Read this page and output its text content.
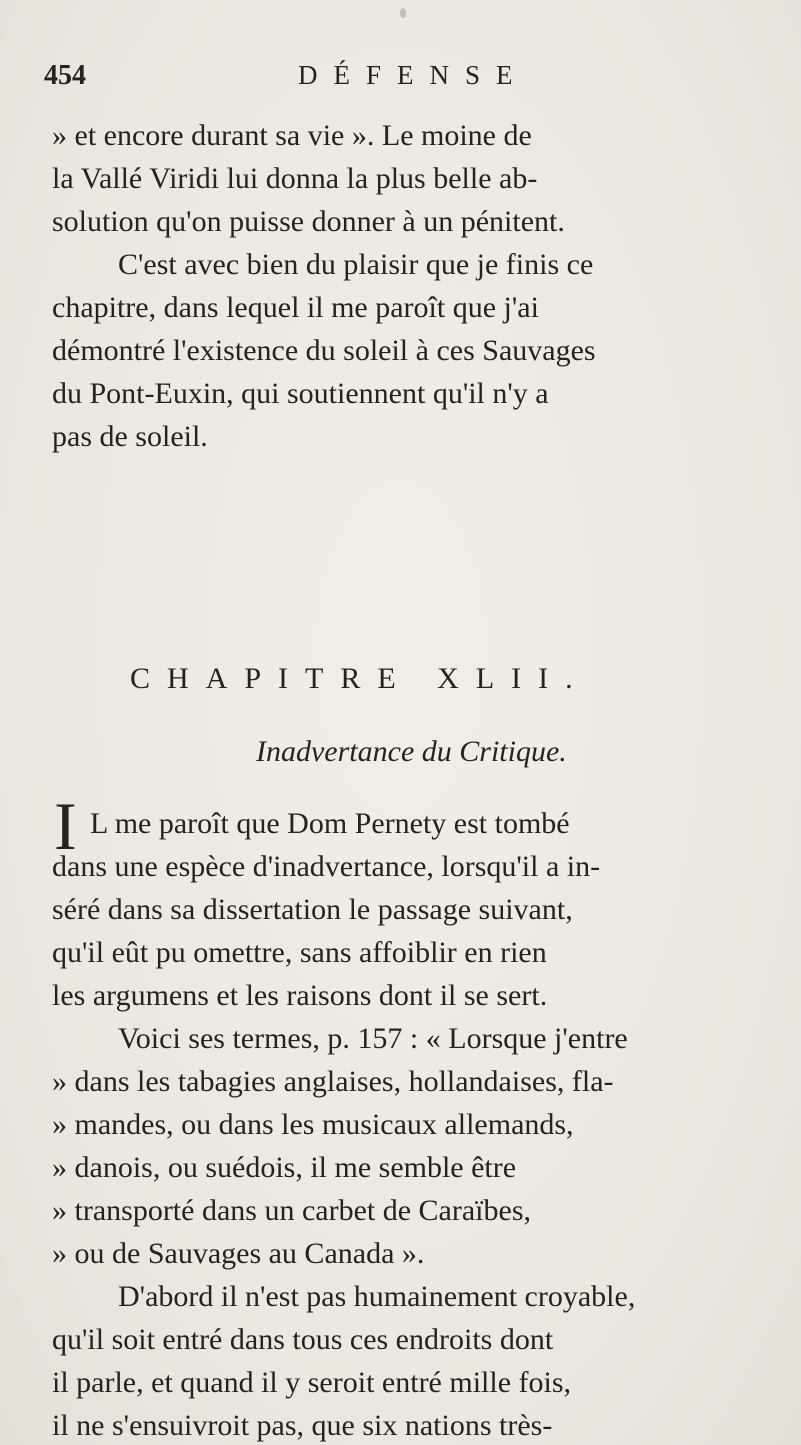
454	DÉFENSE
» et encore durant sa vie ». Le moine de
la Vallé Viridi lui donna la plus belle ab-
solution qu'on puisse donner à un pénitent.
C'est avec bien du plaisir que je finis ce
chapitre, dans lequel il me paroît que j'ai
démontré l'existence du soleil à ces Sauvages
du Pont-Euxin, qui soutiennent qu'il n'y a
pas de soleil.
CHAPITRE XLII.
Inadvertance du Critique.
I L me paroît que Dom Pernety est tombé
dans une espèce d'inadvertance, lorsqu'il a in-
séré dans sa dissertation le passage suivant,
qu'il eût pu omettre, sans affoiblir en rien
les argumens et les raisons dont il se sert.
Voici ses termes, p. 157 : « Lorsque j'entre
» dans les tabagies anglaises, hollandaises, fla-
» mandes, ou dans les musicaux allemands,
» danois, ou suédois, il me semble être
» transporté dans un carbet de Caraïbes,
» ou de Sauvages au Canada ».
D'abord il n'est pas humainement croyable,
qu'il soit entré dans tous ces endroits dont
il parle, et quand il y seroit entré mille fois,
il ne s'ensuivroit pas, que six nations très-
